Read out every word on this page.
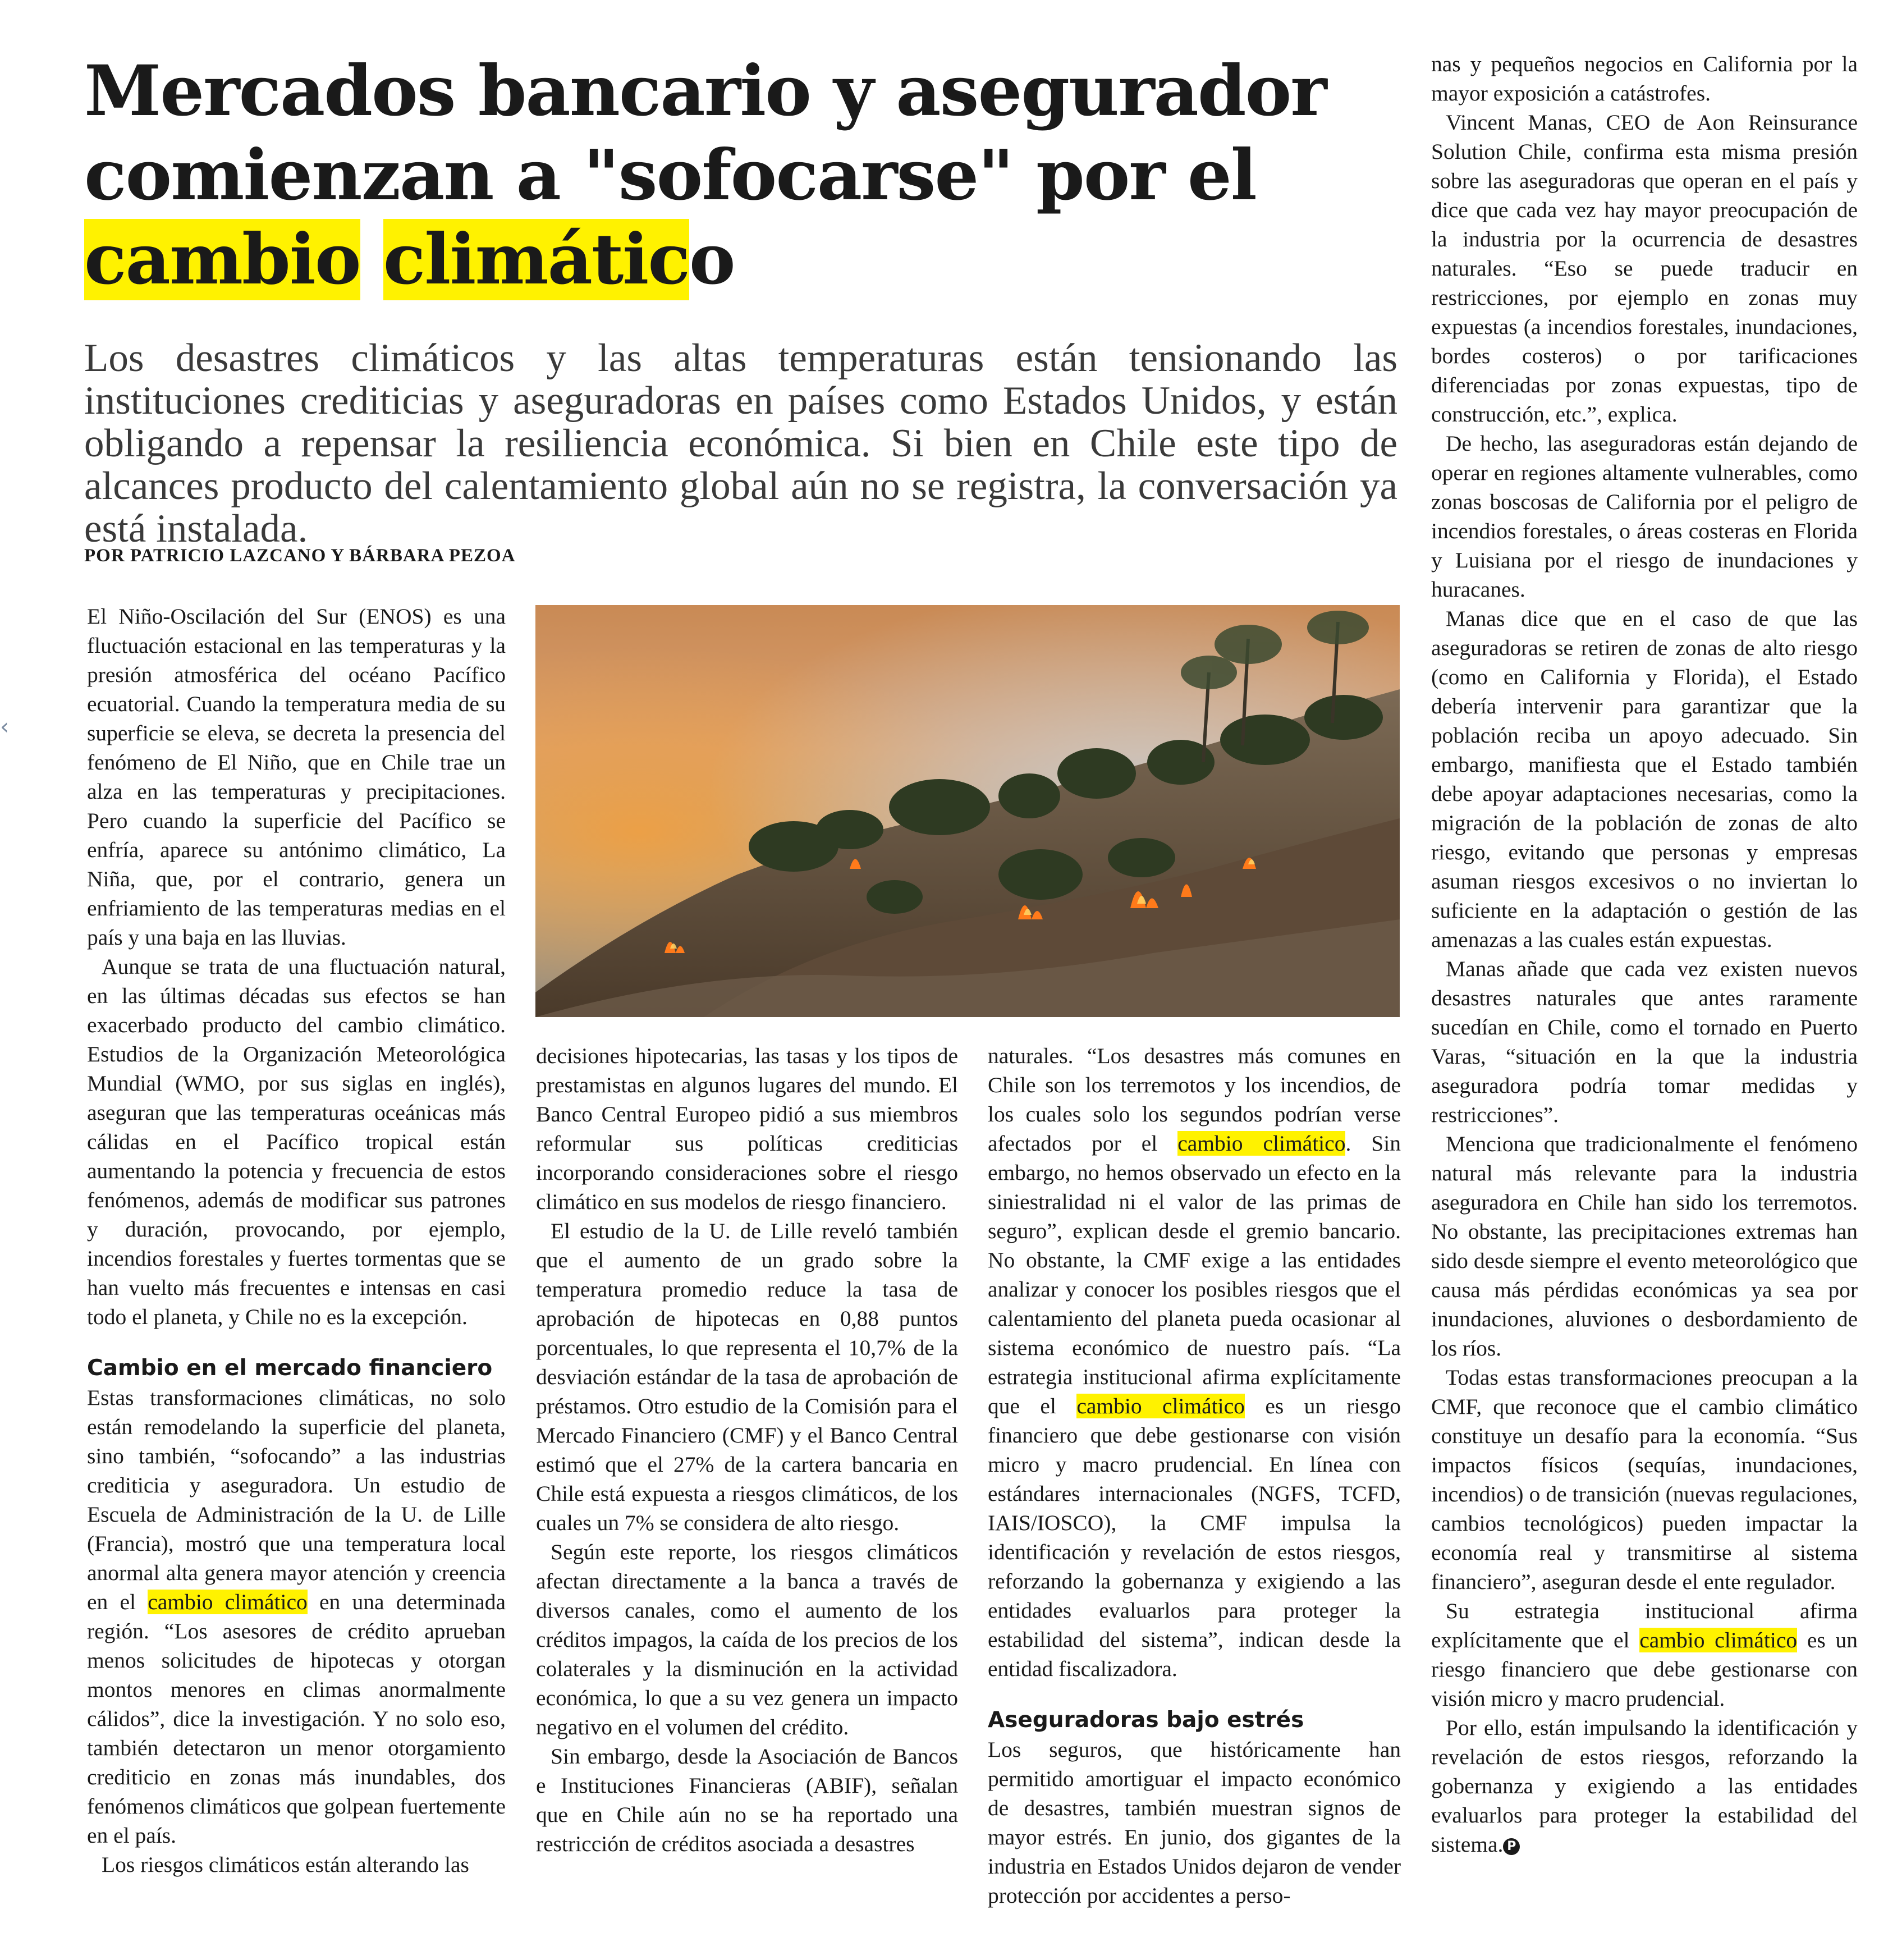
Mercados bancario y asegurador comienzan a "sofocarse" por el
cambio climático

Los desastres climáticos y las altas temperaturas están tensionando las instituciones crediticias y aseguradoras en países como Estados Unidos, y están obligando a repensar la resiliencia económica. Si bien en Chile este tipo de alcances producto del calentamiento global aún no se registra, la conversación ya está instalada.

POR PATRICIO LAZCANO Y BÁRBARA PEZOA
‹

El Niño-Oscilación del Sur (ENOS) es una fluctuación estacional en las temperaturas y la presión atmosférica del océano Pacífico ecuatorial. Cuando la temperatura media de su superficie se eleva, se decreta la presencia del fenómeno de El Niño, que en Chile trae un alza en las temperaturas y precipitaciones. Pero cuando la superficie del Pacífico se enfría, aparece su antónimo climático, La Niña, que, por el contrario, genera un enfriamiento de las temperaturas medias en el país y una baja en las lluvias.

Aunque se trata de una fluctuación natural, en las últimas décadas sus efectos se han exacerbado producto del cambio climático. Estudios de la Organización Meteorológica Mundial (WMO, por sus siglas en inglés), aseguran que las temperaturas oceánicas más cálidas en el Pacífico tropical están aumentando la potencia y frecuencia de estos fenómenos, además de modificar sus patrones y duración, provocando, por ejemplo, incendios forestales y fuertes tormentas que se han vuelto más frecuentes e intensas en casi todo el planeta, y Chile no es la excepción.

Cambio en el mercado financiero

Estas transformaciones climáticas, no solo están remodelando la superficie del planeta, sino también, “sofocando” a las industrias crediticia y aseguradora. Un estudio de Escuela de Administración de la U. de Lille (Francia), mostró que una temperatura local anormal alta genera mayor atención y creencia en el cambio climático en una determinada región. “Los asesores de crédito aprueban menos solicitudes de hipotecas y otorgan montos menores en climas anormalmente cálidos”, dice la investigación. Y no solo eso, también detectaron un menor otorgamiento crediticio en zonas más inundables, dos fenómenos climáticos que golpean fuertemente en el país.

Los riesgos climáticos están alterando las

decisiones hipotecarias, las tasas y los tipos de prestamistas en algunos lugares del mundo. El Banco Central Europeo pidió a sus miembros reformular sus políticas crediticias incorporando consideraciones sobre el riesgo climático en sus modelos de riesgo financiero.

El estudio de la U. de Lille reveló también que el aumento de un grado sobre la temperatura promedio reduce la tasa de aprobación de hipotecas en 0,88 puntos porcentuales, lo que representa el 10,7% de la desviación estándar de la tasa de aprobación de préstamos. Otro estudio de la Comisión para el Mercado Financiero (CMF) y el Banco Central estimó que el 27% de la cartera bancaria en Chile está expuesta a riesgos climáticos, de los cuales un 7% se considera de alto riesgo.

Según este reporte, los riesgos climáticos afectan directamente a la banca a través de diversos canales, como el aumento de los créditos impagos, la caída de los precios de los colaterales y la disminución en la actividad económica, lo que a su vez genera un impacto negativo en el volumen del crédito.

Sin embargo, desde la Asociación de Bancos e Instituciones Financieras (ABIF), señalan que en Chile aún no se ha reportado una restricción de créditos asociada a desastres

naturales. “Los desastres más comunes en Chile son los terremotos y los incendios, de los cuales solo los segundos podrían verse afectados por el cambio climático. Sin embargo, no hemos observado un efecto en la siniestralidad ni el valor de las primas de seguro”, explican desde el gremio bancario. No obstante, la CMF exige a las entidades analizar y conocer los posibles riesgos que el calentamiento del planeta pueda ocasionar al sistema económico de nuestro país. “La estrategia institucional afirma explícitamente que el cambio climático es un riesgo financiero que debe gestionarse con visión micro y macro prudencial. En línea con estándares internacionales (NGFS, TCFD, IAIS/IOSCO), la CMF impulsa la identificación y revelación de estos riesgos, reforzando la gobernanza y exigiendo a las entidades evaluarlos para proteger la estabilidad del sistema”, indican desde la entidad fiscalizadora.

Aseguradoras bajo estrés

Los seguros, que históricamente han permitido amortiguar el impacto económico de desastres, también muestran signos de mayor estrés. En junio, dos gigantes de la industria en Estados Unidos dejaron de vender protección por accidentes a perso-

nas y pequeños negocios en California por la mayor exposición a catástrofes.

Vincent Manas, CEO de Aon Reinsurance Solution Chile, confirma esta misma presión sobre las aseguradoras que operan en el país y dice que cada vez hay mayor preocupación de la industria por la ocurrencia de desastres naturales. “Eso se puede traducir en restricciones, por ejemplo en zonas muy expuestas (a incendios forestales, inundaciones, bordes costeros) o por tarificaciones diferenciadas por zonas expuestas, tipo de construcción, etc.”, explica.

De hecho, las aseguradoras están dejando de operar en regiones altamente vulnerables, como zonas boscosas de California por el peligro de incendios forestales, o áreas costeras en Florida y Luisiana por el riesgo de inundaciones y huracanes.

Manas dice que en el caso de que las aseguradoras se retiren de zonas de alto riesgo (como en California y Florida), el Estado debería intervenir para garantizar que la población reciba un apoyo adecuado. Sin embargo, manifiesta que el Estado también debe apoyar adaptaciones necesarias, como la migración de la población de zonas de alto riesgo, evitando que personas y empresas asuman riesgos excesivos o no inviertan lo suficiente en la adaptación o gestión de las amenazas a las cuales están expuestas.

Manas añade que cada vez existen nuevos desastres naturales que antes raramente sucedían en Chile, como el tornado en Puerto Varas, “situación en la que la industria aseguradora podría tomar medidas y restricciones”.

Menciona que tradicionalmente el fenómeno natural más relevante para la industria aseguradora en Chile han sido los terremotos. No obstante, las precipitaciones extremas han sido desde siempre el evento meteorológico que causa más pérdidas económicas ya sea por inundaciones, aluviones o desbordamiento de los ríos.

Todas estas transformaciones preocupan a la CMF, que reconoce que el cambio climático constituye un desafío para la economía. “Sus impactos físicos (sequías, inundaciones, incendios) o de transición (nuevas regulaciones, cambios tecnológicos) pueden impactar la economía real y transmitirse al sistema financiero”, aseguran desde el ente regulador.

Su estrategia institucional afirma explícitamente que el cambio climático es un riesgo financiero que debe gestionarse con visión micro y macro prudencial.

Por ello, están impulsando la identificación y revelación de estos riesgos, reforzando la gobernanza y exigiendo a las entidades evaluarlos para proteger la estabilidad del sistema. P
